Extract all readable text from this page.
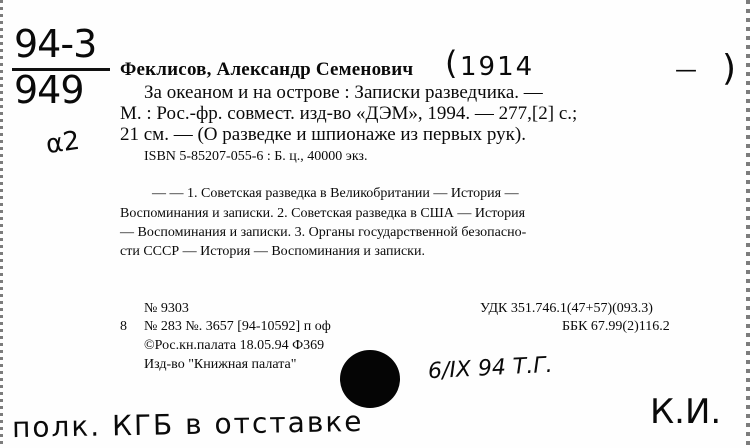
94-3
949
α2
Феклисов, Александр Семенович 1914
(	)
—
За океаном и на острове : Записки разведчика. —
М. : Рос.-фр. совмест. изд-во «ДЭМ», 1994. — 277,[2] с.;
21 см. — (О разведке и шпионаже из первых рук).
ISBN 5-85207-055-6 : Б. ц., 40000 экз.
— — 1. Советская разведка в Великобритании — История —
Воспоминания и записки. 2. Советская разведка в США — История
— Воспоминания и записки. 3. Органы государственной безопасно-
сти СССР — История — Воспоминания и записки.
№ 9303
8 № 283 №. 3657 [94-10592] п оф
©Рос.кн.палата 18.05.94 Ф369
Изд-во "Книжная палата"
УДК 351.746.1(47+57)(093.3)
ББК 67.99(2)116.2
6/IX 94 Т.Г.
полк. КГБ в отставке	К.И.
